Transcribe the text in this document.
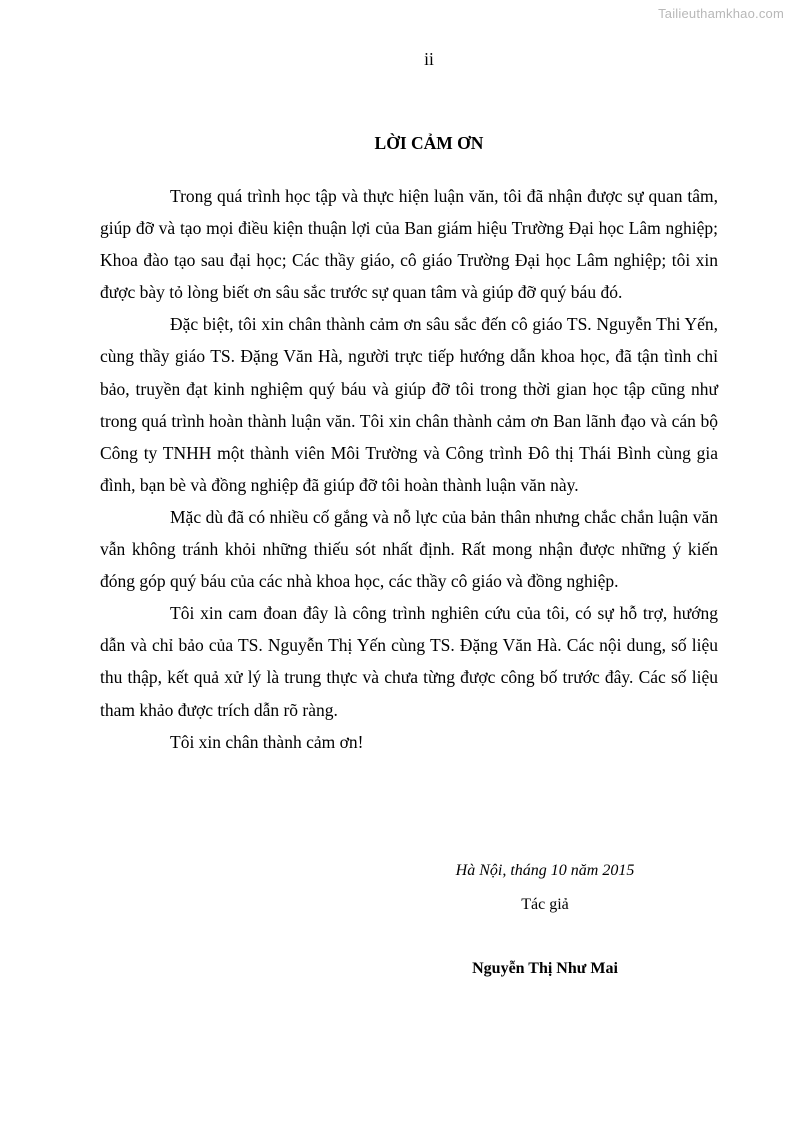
Tailieuthamkhao.com
ii
LỜI CẢM ƠN

Trong quá trình học tập và thực hiện luận văn, tôi đã nhận được sự quan tâm, giúp đỡ và tạo mọi điều kiện thuận lợi của Ban giám hiệu Trường Đại học Lâm nghiệp; Khoa đào tạo sau đại học; Các thầy giáo, cô giáo Trường Đại học Lâm nghiệp; tôi xin được bày tỏ lòng biết ơn sâu sắc trước sự quan tâm và giúp đỡ quý báu đó.

Đặc biệt, tôi xin chân thành cảm ơn sâu sắc đến cô giáo TS. Nguyễn Thi Yến, cùng thầy giáo TS. Đặng Văn Hà, người trực tiếp hướng dẫn khoa học, đã tận tình chỉ bảo, truyền đạt kinh nghiệm quý báu và giúp đỡ tôi trong thời gian học tập cũng như trong quá trình hoàn thành luận văn. Tôi xin chân thành cảm ơn Ban lãnh đạo và cán bộ Công ty TNHH một thành viên Môi Trường và Công trình Đô thị Thái Bình cùng gia đình, bạn bè và đồng nghiệp đã giúp đỡ tôi hoàn thành luận văn này.

Mặc dù đã có nhiều cố gắng và nỗ lực của bản thân nhưng chắc chắn luận văn vẫn không tránh khỏi những thiếu sót nhất định. Rất mong nhận được những ý kiến đóng góp quý báu của các nhà khoa học, các thầy cô giáo và đồng nghiệp.

Tôi xin cam đoan đây là công trình nghiên cứu của tôi, có sự hỗ trợ, hướng dẫn và chỉ bảo của TS. Nguyễn Thị Yến cùng TS. Đặng Văn Hà. Các nội dung, số liệu thu thập, kết quả xử lý là trung thực và chưa từng được công bố trước đây. Các số liệu tham khảo được trích dẫn rõ ràng.

Tôi xin chân thành cảm ơn!

Hà Nội, tháng 10 năm 2015
Tác giả
Nguyễn Thị Như Mai
